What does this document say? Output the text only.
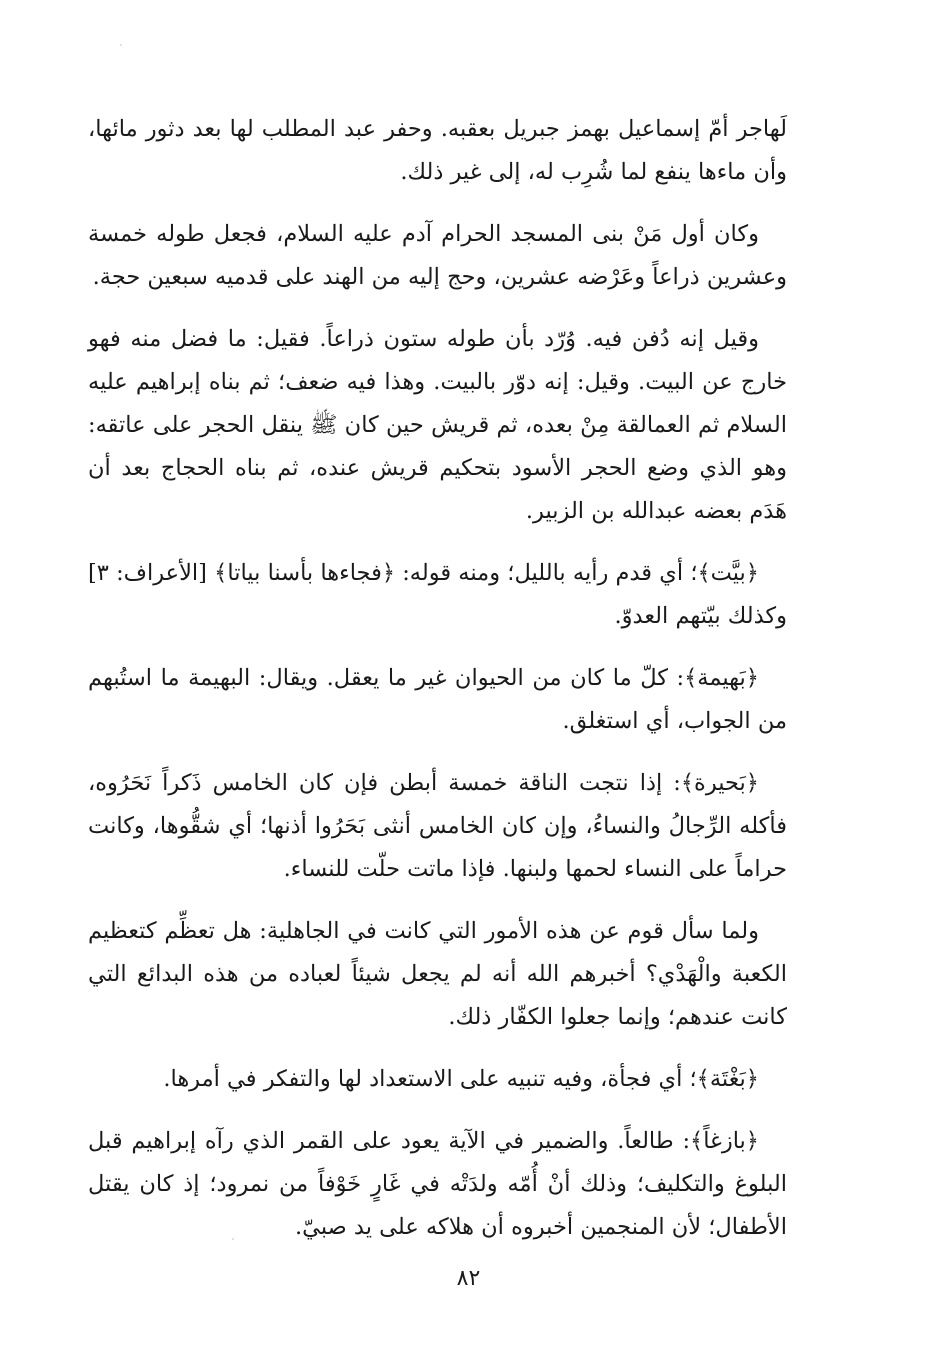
لَهاجر أمّ إسماعيل بهمز جبريل بعقبه. وحفر عبد المطلب لها بعد دثور مائها، وأن ماءها ينفع لما شُرِب له، إلى غير ذلك.

وكان أول مَنْ بنى المسجد الحرام آدم عليه السلام، فجعل طوله خمسة وعشرين ذراعاً وعَرْضه عشرين، وحج إليه من الهند على قدميه سبعين حجة.

وقيل إنه دُفن فيه. وُرّد بأن طوله ستون ذراعاً. فقيل: ما فضل منه فهو خارج عن البيت. وقيل: إنه دوّر بالبيت. وهذا فيه ضعف؛ ثم بناه إبراهيم عليه السلام ثم العمالقة مِنْ بعده، ثم قريش حين كان ﷺ ينقل الحجر على عاتقه: وهو الذي وضع الحجر الأسود بتحكيم قريش عنده، ثم بناه الحجاج بعد أن هَدَم بعضه عبدالله بن الزبير.

﴿بيَّت﴾؛ أي قدم رأيه بالليل؛ ومنه قوله: ﴿فجاءها بأسنا بياتا﴾ [الأعراف: ٣] وكذلك بيّتهم العدوّ.

﴿بَهيمة﴾: كلّ ما كان من الحيوان غير ما يعقل. ويقال: البهيمة ما استُبهم من الجواب، أي استغلق.

﴿بَحيرة﴾: إذا نتجت الناقة خمسة أبطن فإن كان الخامس ذَكراً نَحَرُوه، فأكله الرِّجالُ والنساءُ، وإن كان الخامس أنثى بَحَرُوا أذنها؛ أي شقُّوها، وكانت حراماً على النساء لحمها ولبنها. فإذا ماتت حلّت للنساء.

ولما سأل قوم عن هذه الأمور التي كانت في الجاهلية: هل تعظِّم كتعظيم الكعبة والْهَدْي؟ أخبرهم الله أنه لم يجعل شيئاً لعباده من هذه البدائع التي كانت عندهم؛ وإنما جعلوا الكفّار ذلك.

﴿بَغْتَة﴾؛ أي فجأة، وفيه تنبيه على الاستعداد لها والتفكر في أمرها.

﴿بازغاً﴾: طالعاً. والضمير في الآية يعود على القمر الذي رآه إبراهيم قبل البلوغ والتكليف؛ وذلك أنْ أُمّه ولدَتْه في غَارٍ خَوْفاً من نمرود؛ إذ كان يقتل الأطفال؛ لأن المنجمين أخبروه أن هلاكه على يد صبيّ.

٨٢
